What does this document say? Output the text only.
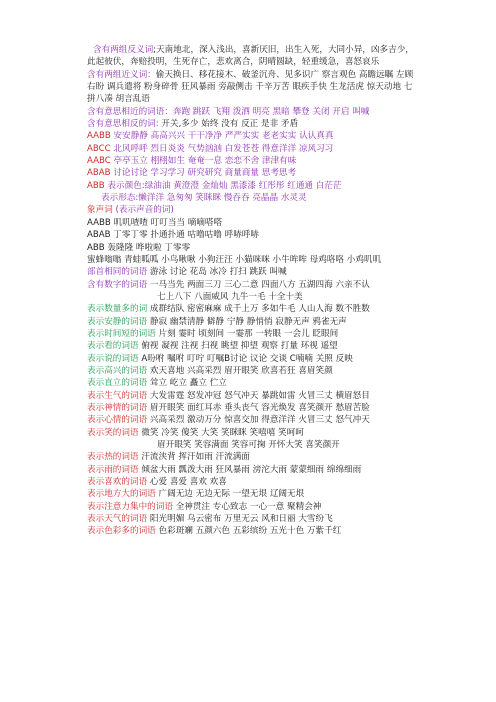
含有两组反义词;天南地北，深入浅出，喜新厌旧，出生入死，大同小异，凶多吉少，此起彼伏，奔赔投明，生死存亡，悲欢离合，阴晴圆缺，轻重缓急，喜怒哀乐
含有两组近义词：偷天换日、移花接木、破釜沉舟、见多识广 察言观色 高瞻远瞩 左顾右盼 调兵遣将 粉身碎骨 狂风暴雨 旁敲侧击 千辛万苦 眼疾手快 生龙活虎 惊天动地 七拼八凑 胡言乱语
含有意思相近的词语：奔跑 跳跃 飞翔 泼洒 明亮 黑暗 攀登 关闭 开启 叫喊
含有意思相反的词: 开关,多少 始终 没有 反正 是非 矛盾
AABB 安安静静 高高兴兴 干干净净 严严实实 老老实实 认认真真
ABCC 北风呼呼 烈日炎炎 气势汹汹 白发苍苍 得意洋洋 凉风习习
AABC 亭亭玉立 栩栩如生 奄奄一息 恋恋不舍 津津有味
ABAB 讨论讨论 学习学习 研究研究 商量商量 思考思考
ABB 表示颜色:绿油油 黄澄澄 金灿灿 黑漆漆 红彤彤 红通通 白茫茫
表示形态:懒洋洋 急匆匆 笑眯眯 慢吞吞 亮晶晶 水灵灵
象声词 (表示声音的词)
AABB 叽叽喳喳 叮叮当当 嘀嘀嗒嗒
ABAB 丁零丁零 扑通扑通 咕噜咕噜 呼哧呼哧
ABB 轰隆隆 哗啦啦 丁零零
蜜蜂嗡嗡 青蛙呱呱 小鸟啾啾 小狗汪汪 小猫咪咪 小牛哞哞 母鸡咯咯 小鸡叽叽
部首相同的词语 游泳 讨论 花岛 冰冷 打扫 跳跃 叫喊
含有数字的词语 一马当先 两面三刀 三心二意 四面八方 五湖四海 六亲不认
七上八下 八面威风 九牛一毛 十全十美
表示数量多的词 成群结队 密密麻麻 成千上万 多如牛毛 人山人海 数不胜数
表示安静的词语 静寂 幽禁清静 僻静 宁静 静悄悄 寂静无声 鸦雀无声
表示时间短的词语 片刻 霎时 顷刻间 一霎那 一转眼 一会儿 眨眼间
表示看的词语 俯视 凝视 注视 扫视 眺望 抑望 观察 打量 环视 遥望
表示说的词语 A吩咐 嘱咐 叮咛 叮嘱B讨论 议论 交谈 C喃喃 关照 反映
表示高兴的词语 欢天喜地 兴高采烈 眉开眼笑 欣喜若狂 喜眉笑颜
表示直立的词语 耸立 屹立 矗立 伫立
表示生气的词语 大发雷霆 怒发冲冠 怒气冲天 暴跳如雷 火冒三丈 横眉怒目
表示神情的词语 眉开眼笑 面红耳赤 垂头丧气 容光焕发 喜笑颜开 愁眉苦脸
表示心情的词语 兴高采烈 激动万分 惊喜交加 得意洋洋 火冒三丈 怒气冲天
表示笑的词语 微笑 冷笑 傻笑 大笑 笑眯眯 笑嘻嘻 笑呵呵
眉开眼笑 笑容满面 笑容可掬 开怀大笑 喜笑颜开
表示热的词语 汗流浃背 挥汗如雨 汗流满面
表示雨的词语 倾盆大雨 瓢泼大雨 狂风暴雨 滂沱大雨 蒙蒙细雨 绵绵细雨
表示喜欢的词语 心爱 喜爱 喜欢 欢喜
表示地方大的词语 广阔无边 无边无际 一望无垠 辽阔无垠
表示注意力集中的词语 全神贯注 专心致志 一心一意 聚精会神
表示天气的词语 阳光明媚 乌云密布 万里无云 风和日丽 大雪纷飞
表示色彩多的词语 色彩斑斓 五颜六色 五彩缤纷 五光十色 万紫千红
